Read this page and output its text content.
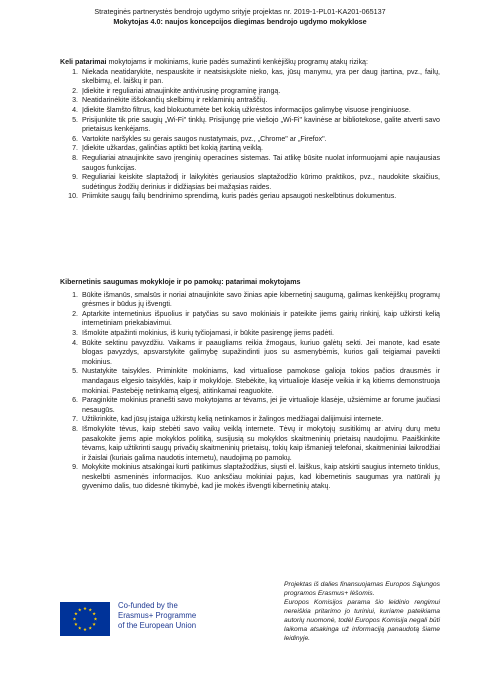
Strateginės partnerystės bendrojo ugdymo srityje projektas nr. 2019-1-PL01-KA201-065137
Mokytojas 4.0: naujos koncepcijos diegimas bendrojo ugdymo mokyklose
Keli patarimai mokytojams ir mokiniams, kurie padės sumažinti kenkėjiškų programų atakų riziką:
1. Niekada neatidarykite, nespauskite ir neatsisiųskite nieko, kas, jūsų manymu, yra per daug įtartina, pvz., failų, skelbimų, el. laiškų ir pan.
2. Įdiekite ir reguliariai atnaujinkite antivirusinę programinę įrangą.
3. Neatidarinėkite iššokančių skelbimų ir reklaminių antraščių.
4. Įdiekite šlamšto filtrus, kad blokuotumėte bet kokią užkrėstos informacijos galimybę visuose įrenginiuose.
5. Prisijunkite tik prie saugių „Wi-Fi" tinklų. Prisijungę prie viešojo „Wi-Fi" kavinėse ar bibliotekose, galite atverti savo prietaisus kenkėjams.
6. Vartokite naršykles su gerais saugos nustatymais, pvz., „Chrome" ar „Firefox".
7. Įdiekite užkardas, galinčias aptikti bet kokią įtartiną veiklą.
8. Reguliariai atnaujinkite savo įrenginių operacines sistemas. Tai atlikę būsite nuolat informuojami apie naujausias saugos funkcijas.
9. Reguliariai keiskite slaptažodį ir laikykitės geriausios slaptažodžio kūrimo praktikos, pvz., naudokite skaičius, sudėtingus žodžių derinius ir didžiąsias bei mažąsias raides.
10. Priimkite saugų failų bendrinimo sprendimą, kuris padės geriau apsaugoti neskelbtinus dokumentus.
Kibernetinis saugumas mokykloje ir po pamokų: patarimai mokytojams
1. Būkite išmanūs, smalsūs ir noriai atnaujinkite savo žinias apie kibernetinį saugumą, galimas kenkėjiškų programų grėsmes ir būdus jų išvengti.
2. Aptarkite internetinius išpuolius ir patyčias su savo mokiniais ir pateikite jiems gairių rinkinį, kaip užkirsti kelią internetiniam priekabiavimui.
3. Išmokite atpažinti mokinius, iš kurių tyčiojamasi, ir būkite pasirengę jiems padėti.
4. Būkite sektinu pavyzdžiu. Vaikams ir paaugliams reikia žmogaus, kuriuo galėtų sekti. Jei manote, kad esate blogas pavyzdys, apsvarstykite galimybę supažindinti juos su asmenybėmis, kurios gali teigiamai paveikti mokinius.
5. Nustatykite taisykles. Priminkite mokiniams, kad virtualiose pamokose galioja tokios pačios drausmės ir mandagaus elgesio taisyklės, kaip ir mokykloje. Stebėkite, ką virtualioje klasėje veikia ir ką kitiems demonstruoja mokiniai. Pastebėję netinkamą elgesį, atitinkamai reaguokite.
6. Paraginkite mokinius pranešti savo mokytojams ar tėvams, jei jie virtualioje klasėje, užsiėmime ar forume jaučiasi nesaugūs.
7. Užtikrinkite, kad jūsų įstaiga užkirstų kelią netinkamos ir žalingos medžiagai dalijimuisi internete.
8. Išmokykite tėvus, kaip stebėti savo vaikų veiklą internete. Tėvų ir mokytojų susitikimų ar atvirų durų metu pasakokite jiems apie mokyklos politiką, susijusią su mokyklos skaitmeninių prietaisų naudojimu. Paaiškinkite tėvams, kaip užtikrinti saugų privačių skaitmeninių prietaisų, tokių kaip išmanieji telefonai, skaitmeniniai laikrodžiai ir žaislai (kuriais galima naudotis internetu), naudojimą po pamokų.
9. Mokykite mokinius atsakingai kurti patikimus slaptažodžius, siųsti el. laiškus, kaip atskirti saugius interneto tinklus, neskelbti asmeninės informacijos. Kuo anksčiau mokiniai pajus, kad kibernetinis saugumas yra natūrali jų gyvenimo dalis, tuo didesnė tikimybė, kad jie mokės išvengti kibernetinių atakų.
Co-funded by the
Erasmus+ Programme
of the European Union

Projektas iš dalies finansuojamas Europos Sąjungos programos Erasmus+ lėšomis.

Europos Komisijos parama šio leidinio rengimui nereiškia pritarimo jo turiniui, kuriame pateikiama autorių nuomonė, todėl Europos Komisija negali būti laikoma atsakinga už informaciją panaudotą šiame leidinyje.
